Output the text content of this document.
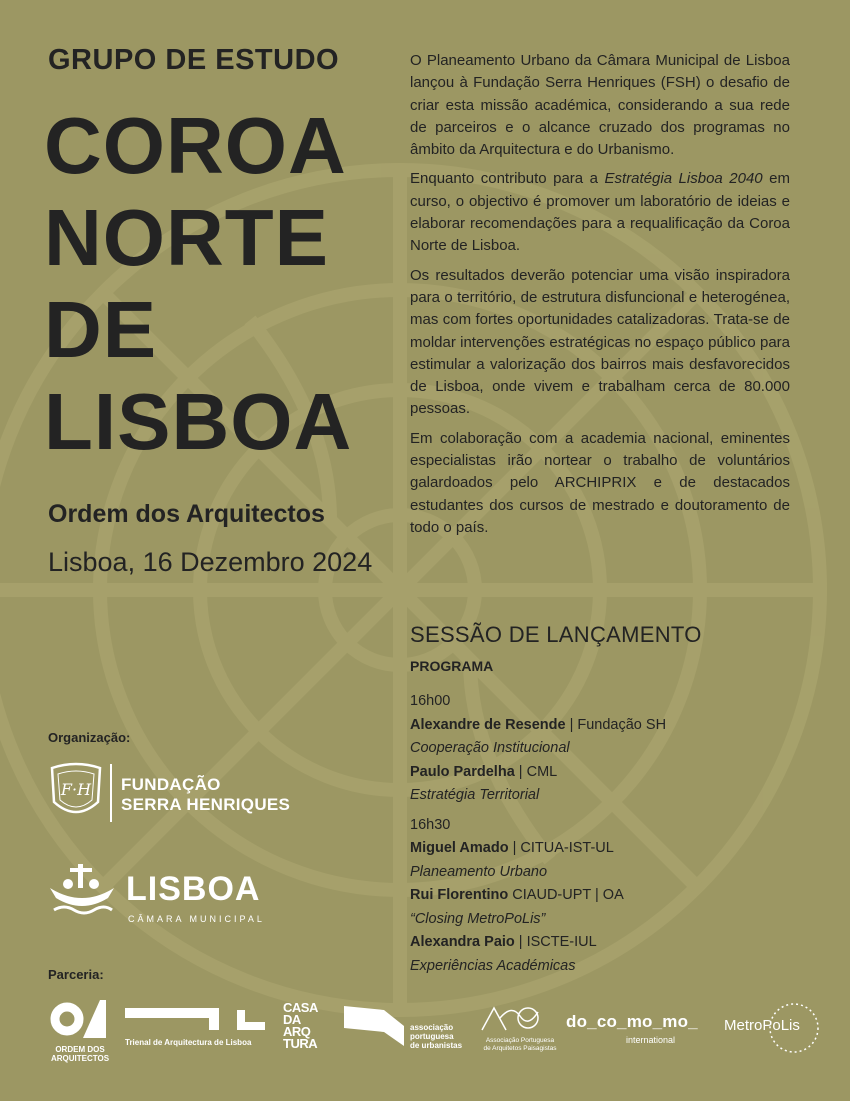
GRUPO DE ESTUDO
COROA
NORTE
DE
LISBOA
Ordem dos Arquitectos
Lisboa, 16 Dezembro 2024

O Planeamento Urbano da Câmara Municipal de Lisboa lançou à Fundação Serra Henriques (FSH) o desafio de criar esta missão académica, considerando a sua rede de parceiros e o alcance cruzado dos programas no âmbito da Arquitectura e do Urbanismo.

Enquanto contributo para a Estratégia Lisboa 2040 em curso, o objectivo é promover um laboratório de ideias e elaborar recomendações para a requalificação da Coroa Norte de Lisboa.

Os resultados deverão potenciar uma visão inspiradora para o território, de estrutura disfuncional e heterogénea, mas com fortes oportunidades catalizadoras. Trata-se de moldar intervenções estratégicas no espaço público para estimular a valorização dos bairros mais desfavorecidos de Lisboa, onde vivem e trabalham cerca de 80.000 pessoas.

Em colaboração com a academia nacional, eminentes especialistas irão nortear o trabalho de voluntários galardoados pelo ARCHIPRIX e de destacados estudantes dos cursos de mestrado e doutoramento de todo o país.

SESSÃO DE LANÇAMENTO
PROGRAMA
16h00
Alexandre de Resende | Fundação SH
Cooperação Institucional
Paulo Pardelha | CML
Estratégia Territorial
16h30
Miguel Amado | CITUA-IST-UL
Planeamento Urbano
Rui Florentino CIAUD-UPT | OA
“Closing MetroPoLis”
Alexandra Paio | ISCTE-IUL
Experiências Académicas
Organização:
F·H FUNDAÇÃO
SERRA HENRIQUES
LISBOA
CÂMARA MUNICIPAL
Parceria:
ORDEM DOS
ARQUITECTOS
Trienal de Arquitectura de Lisboa
CASA
DA
ARQ
TURA
associação
portuguesa
de urbanistas
Associação Portuguesa
de Arquitetos Paisagistas
do_co_mo_mo_
international
MetroPoLis
